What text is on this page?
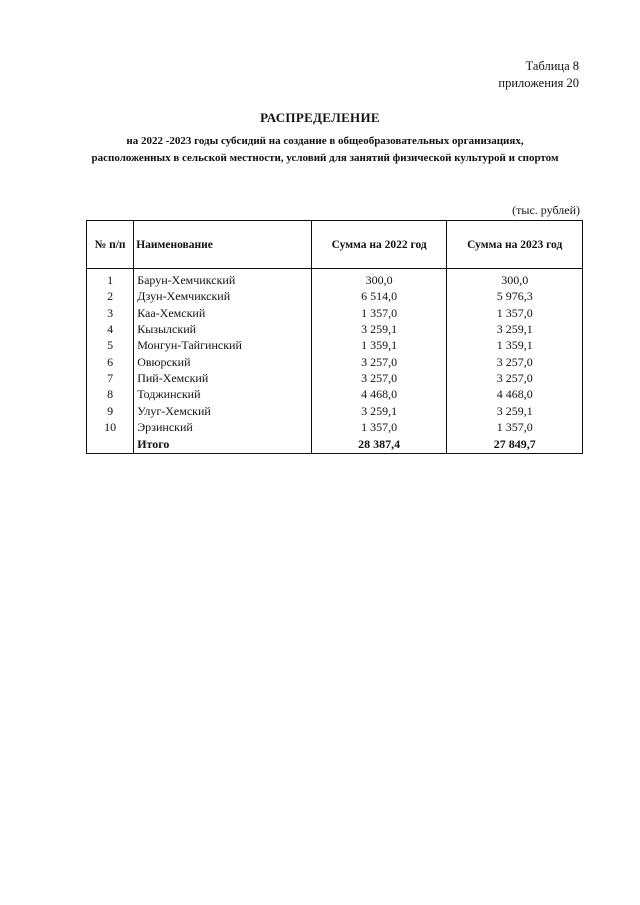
Таблица 8
приложения 20
РАСПРЕДЕЛЕНИЕ
на 2022 -2023 годы субсидий на создание в общеобразовательных организациях, расположенных в сельской местности, условий для занятий физической культурой и спортом
(тыс. рублей)
№ п/п	Наименование	Сумма на 2022 год	Сумма на 2023 год
1	Барун-Хемчикский	300,0	300,0
2	Дзун-Хемчикский	6 514,0	5 976,3
3	Каа-Хемский	1 357,0	1 357,0
4	Кызылский	3 259,1	3 259,1
5	Монгун-Тайгинский	1 359,1	1 359,1
6	Овюрский	3 257,0	3 257,0
7	Пий-Хемский	3 257,0	3 257,0
8	Тоджинский	4 468,0	4 468,0
9	Улуг-Хемский	3 259,1	3 259,1
10	Эрзинский	1 357,0	1 357,0
	Итого	28 387,4	27 849,7
